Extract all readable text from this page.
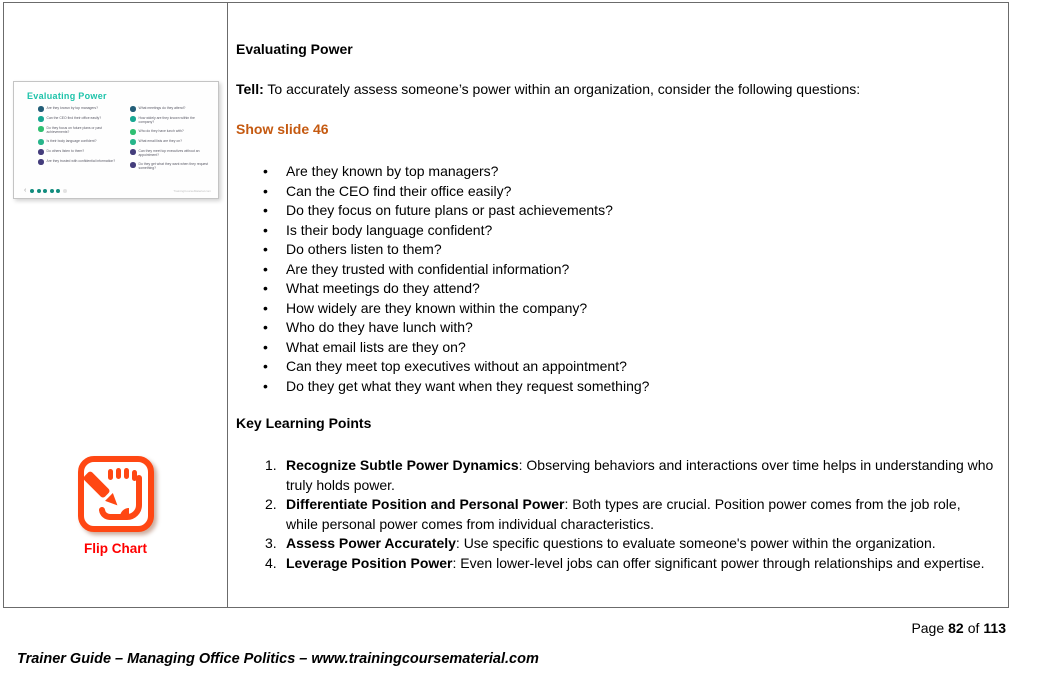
Evaluating Power
Are they known by top managers?
Can the CEO find their office easily?
Do they focus on future plans or past achievements?
Is their body language confident?
Do others listen to them?
Are they trusted with confidential information?
What meetings do they attend?
How widely are they known within the company?
Who do they have lunch with?
What email lists are they on?
Can they meet top executives without an appointment?
Do they get what they want when they request something?
‹	TrainingCourseMaterial.com
Flip Chart
Evaluating Power

Tell: To accurately assess someone’s power within an organization, consider the following questions:

Show slide 46

• Are they known by top managers?
• Can the CEO find their office easily?
• Do they focus on future plans or past achievements?
• Is their body language confident?
• Do others listen to them?
• Are they trusted with confidential information?
• What meetings do they attend?
• How widely are they known within the company?
• Who do they have lunch with?
• What email lists are they on?
• Can they meet top executives without an appointment?
• Do they get what they want when they request something?
Key Learning Points
Recognize Subtle Power Dynamics: Observing behaviors and interactions over time helps in understanding who truly holds power.
Differentiate Position and Personal Power: Both types are crucial. Position power comes from the job role, while personal power comes from individual characteristics.
Assess Power Accurately: Use specific questions to evaluate someone's power within the organization.
Leverage Position Power: Even lower-level jobs can offer significant power through relationships and expertise.
Page 82 of 113
Trainer Guide – Managing Office Politics – www.trainingcoursematerial.com
